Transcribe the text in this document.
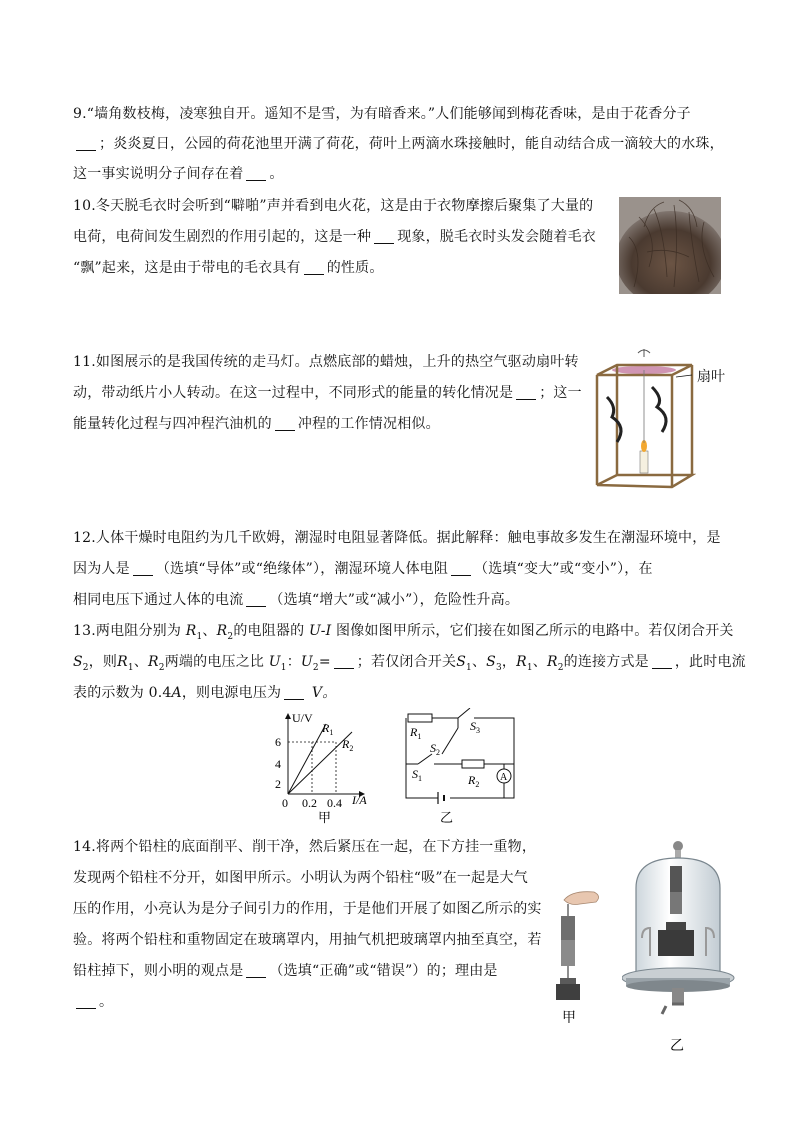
9.“墙角数枝梅，凌寒独自开。遥知不是雪，为有暗香来。”人们能够闻到梅花香味，是由于花香分子

；炎炎夏日，公园的荷花池里开满了荷花，荷叶上两滴水珠接触时，能自动结合成一滴较大的水珠，

这一事实说明分子间存在着 。

10.冬天脱毛衣时会听到“噼啪”声并看到电火花，这是由于衣物摩擦后聚集了大量的

电荷，电荷间发生剧烈的作用引起的，这是一种 现象，脱毛衣时头发会随着毛衣

“飘”起来，这是由于带电的毛衣具有 的性质。

11.如图展示的是我国传统的走马灯。点燃底部的蜡烛，上升的热空气驱动扇叶转

动，带动纸片小人转动。在这一过程中，不同形式的能量的转化情况是 ；这一

能量转化过程与四冲程汽油机的 冲程的工作情况相似。

扇叶

12.人体干燥时电阻约为几千欧姆，潮湿时电阻显著降低。据此解释：触电事故多发生在潮湿环境中，是

因为人是 （选填“导体”或“绝缘体”），潮湿环境人体电阻 （选填“变大”或“变小”），在

相同电压下通过人体的电流 （选填“增大”或“减小”），危险性升高。

13.两电阻分别为 $R_1$、$R_2$的电阻器的 U-I 图像如图甲所示，它们接在如图乙所示的电路中。若仅闭合开关

$S_2$，则$R_1$、$R_2$两端的电压之比 $U_1$：$U_2=$ ；若仅闭合开关$S_1$、$S_3$，$R_1$、$R_2$的连接方式是 ，此时电流

表的示数为 0.4A，则电源电压为 V。

U/V
I/A
6
4
2
0 0.2 0.4
$R_1$
$R_2$
甲
$R_1$
$S_3$
$S_2$
$S_1$	$R_2$
A
乙

14.将两个铅柱的底面削平、削干净，然后紧压在一起，在下方挂一重物，

发现两个铅柱不分开，如图甲所示。小明认为两个铅柱“吸”在一起是大气

压的作用，小亮认为是分子间引力的作用，于是他们开展了如图乙所示的实

验。将两个铅柱和重物固定在玻璃罩内，用抽气机把玻璃罩内抽至真空，若

铅柱掉下，则小明的观点是 （选填“正确”或“错误”）的；理由是

。

甲
乙
